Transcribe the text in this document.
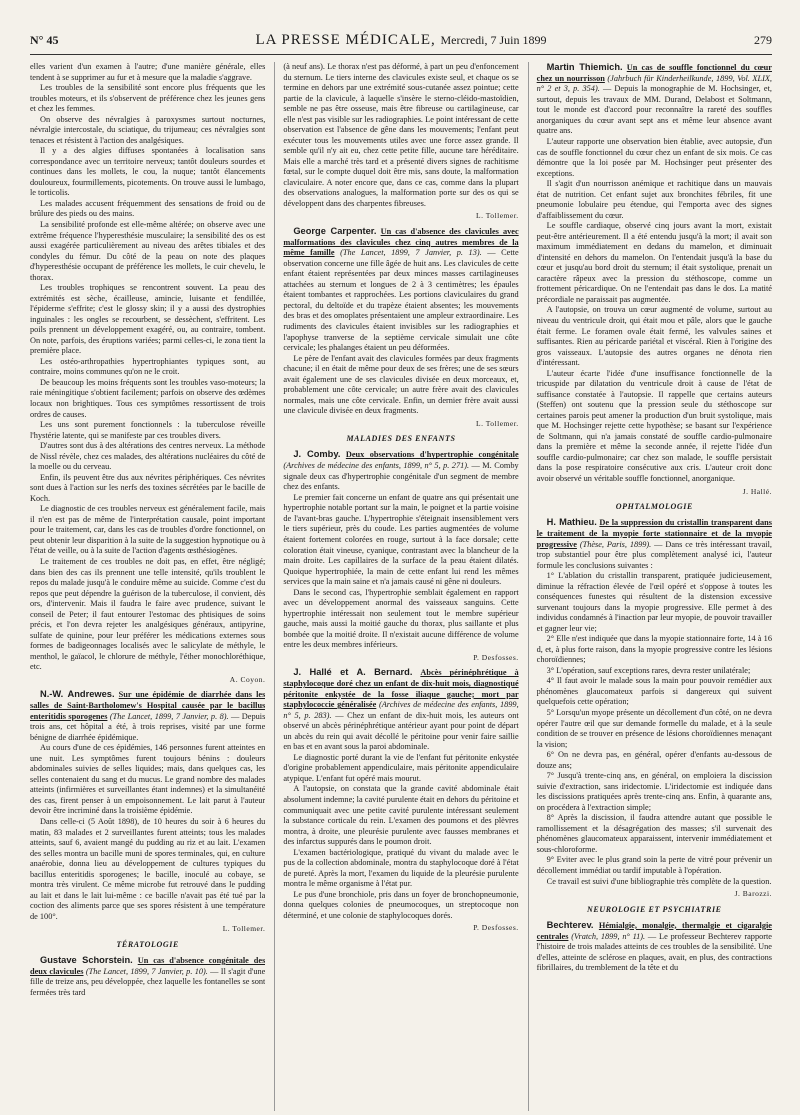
N° 45	LA PRESSE MÉDICALE, Mercredi, 7 Juin 1899	279

elles varient d'un examen à l'autre; d'une manière générale, elles tendent à se supprimer au fur et à mesure que la maladie s'aggrave.

Les troubles de la sensibilité sont encore plus fréquents que les troubles moteurs, et ils s'observent de préférence chez les jeunes gens et chez les femmes.

On observe des névralgies à paroxysmes surtout nocturnes, névralgie intercostale, du sciatique, du trijumeau; ces névralgies sont tenaces et résistent à l'action des analgésiques.

Il y a des algies diffuses spontanées à localisation sans correspondance avec un territoire nerveux; tantôt douleurs sourdes et continues dans les mollets, le cou, la nuque; tantôt élancements douloureux, fourmillements, picotements. On trouve aussi le lumbago, le torticolis.

Les malades accusent fréquemment des sensations de froid ou de brûlure des pieds ou des mains.

La sensibilité profonde est elle-même altérée; on observe avec une extrême fréquence l'hyperesthésie musculaire; la sensibilité des os est aussi exagérée particulièrement au niveau des arêtes tibiales et des condyles du fémur. Du côté de la peau on note des plaques d'hyperesthésie occupant de préférence les mollets, le cuir chevelu, le thorax.

Les troubles trophiques se rencontrent souvent. La peau des extrémités est sèche, écailleuse, amincie, luisante et fendillée, l'épiderme s'effrite; c'est le glossy skin; il y a aussi des dystrophies inguinales : les ongles se recourbent, se dessèchent, s'effritent. Les poils prennent un développement exagéré, ou, au contraire, tombent. On note, parfois, des éruptions variées; parmi celles-ci, le zona tient la première place.

Les ostéo-arthropathies hypertrophiantes typiques sont, au contraire, moins communes qu'on ne le croit.

De beaucoup les moins fréquents sont les troubles vaso-moteurs; la raie méningitique s'obtient facilement; parfois on observe des œdèmes locaux non brightiques. Tous ces symptômes ressortissent de trois ordres de causes.

Les uns sont purement fonctionnels : la tuberculose réveille l'hystérie latente, qui se manifeste par ces troubles divers.

D'autres sont dus à des altérations des centres nerveux. La méthode de Nissl révèle, chez ces malades, des altérations nucléaires du côté de la moelle ou du cerveau.

Enfin, ils peuvent être dus aux névrites périphériques. Ces névrites sont dues à l'action sur les nerfs des toxines sécrétées par le bacille de Koch.

Le diagnostic de ces troubles nerveux est généralement facile, mais il n'en est pas de même de l'interprétation causale, point important pour le traitement, car, dans les cas de troubles d'ordre fonctionnel, on peut obtenir leur disparition à la suite de la suggestion hypnotique ou à l'état de veille, ou à la suite de l'action d'agents œsthésiogènes.

Le traitement de ces troubles ne doit pas, en effet, être négligé; dans bien des cas ils prennent une telle intensité, qu'ils troublent le repos du malade jusqu'à le conduire même au suicide. Comme c'est du repos que peut dépendre la guérison de la tuberculose, il convient, dès ors, d'intervenir. Mais il faudra le faire avec prudence, suivant le conseil de Peter; il faut entourer l'estomac des phtisiques de soins précis, et l'on devra rejeter les analgésiques généraux, antipyrine, sulfate de quinine, pour leur préférer les médications externes sous formes de badigeonnages localisés avec le salicylate de méthyle, le menthol, le gaïacol, le chlorure de méthyle, l'éther monochloréthique, etc.

A. Coyon.

N.-W. Andrewes. Sur une épidémie de diarrhée dans les salles de Saint-Bartholomew's Hospital causée par le bacillus enteritidis sporogenes (The Lancet, 1899, 7 Janvier, p. 8). — Depuis trois ans, cet hôpital a été, à trois reprises, visité par une forme bénigne de diarrhée épidémique.

Au cours d'une de ces épidémies, 146 personnes furent atteintes en une nuit. Les symptômes furent toujours bénins : douleurs abdominales suivies de selles liquides; mais, dans quelques cas, les selles contenaient du sang et du mucus. Le grand nombre des malades atteints (infirmières et surveillantes étant indemnes) et la simultanéité des cas, firent penser à un empoisonnement. Le lait parut à l'auteur devoir être incriminé dans la troisième épidémie.

Dans celle-ci (5 Août 1898), de 10 heures du soir à 6 heures du matin, 83 malades et 2 surveillantes furent atteints; tous les malades atteints, sauf 6, avaient mangé du pudding au riz et au lait. L'examen des selles montra un bacille muni de spores terminales, qui, en culture anaérobie, donna lieu au développement de cultures typiques du bacillus enteritidis sporogenes; le bacille, inoculé au cobaye, se montra très virulent. Ce même microbe fut retrouvé dans le pudding au lait et dans le lait lui-même : ce bacille n'avait pas été tué par la coction des aliments parce que ses spores résistent à une température de 100°.

L. Tollemer.
TÉRATOLOGIE

Gustave Schorstein. Un cas d'absence congénitale des deux clavicules (The Lancet, 1899, 7 Janvier, p. 10). — Il s'agit d'une fille de treize ans, peu développée, chez laquelle les fontanelles se sont fermées très tard

(à neuf ans). Le thorax n'est pas déformé, à part un peu d'enfoncement du sternum. Le tiers interne des clavicules existe seul, et chaque os se termine en dehors par une extrémité sous-cutanée assez pointue; cette partie de la clavicule, à laquelle s'insère le sterno-cléido-mastoïdien, semble ne pas être osseuse, mais être fibreuse ou cartilagineuse, car elle n'est pas visible sur les radiographies. Le point intéressant de cette observation est l'absence de gêne dans les mouvements; l'enfant peut exécuter tous les mouvements utiles avec une force assez grande. Il semble qu'il n'y ait eu, chez cette petite fille, aucune tare héréditaire. Mais elle a marché très tard et a présenté divers signes de rachitisme fœtal, sur le compte duquel doit être mis, sans doute, la malformation claviculaire. A noter encore que, dans ce cas, comme dans la plupart des observations analogues, la malformation porte sur des os qui se développent dans des charpentes fibreuses.

L. Tollemer.

George Carpenter. Un cas d'absence des clavicules avec malformations des clavicules chez cinq autres membres de la même famille (The Lancet, 1899, 7 Janvier, p. 13). — Cette observation concerne une fille âgée de huit ans. Les clavicules de cette enfant étaient représentées par deux minces masses cartilagineuses attachées au sternum et longues de 2 à 3 centimètres; les épaules étaient tombantes et rapprochées. Les portions claviculaires du grand pectoral, du deltoïde et du trapèze étaient absentes; les mouvements des bras et des omoplates présentaient une ampleur extraordinaire. Les rudiments des clavicules étaient invisibles sur les radiographies et l'apophyse tranverse de la septième cervicale simulait une côte cervicale; les phalanges étaient un peu déformées.

Le père de l'enfant avait des clavicules formées par deux fragments chacune; il en était de même pour deux de ses frères; une de ses sœurs avait également une de ses clavicules divisée en deux morceaux, et, probablement une côte cervicale; un autre frère avait des clavicules normales, mais une côte cervicale. Enfin, un dernier frère avait aussi une clavicule divisée en deux fragments.

L. Tollemer.
MALADIES DES ENFANTS

J. Comby. Deux observations d'hypertrophie congénitale (Archives de médecine des enfants, 1899, n° 5, p. 271). — M. Comby signale deux cas d'hypertrophie congénitale d'un segment de membre chez des enfants.

Le premier fait concerne un enfant de quatre ans qui présentait une hypertrophie notable portant sur la main, le poignet et la partie voisine de l'avant-bras gauche. L'hypertrophie s'éteignait insensiblement vers le tiers supérieur, près du coude. Les parties augmentées de volume étaient fortement colorées en rouge, surtout à la face dorsale; cette coloration était vineuse, cyanique, contrastant avec la blancheur de la main droite. Les capillaires de la surface de la peau étaient dilatés. Quoique hypertrophiée, la main de cette enfant lui rend les mêmes services que la main saine et n'a jamais causé ni gêne ni douleurs.

Dans le second cas, l'hypertrophie semblait également en rapport avec un développement anormal des vaisseaux sanguins. Cette hypertrophie intéressait non seulement tout le membre supérieur gauche, mais aussi la moitié gauche du thorax, plus saillante et plus bombée que la moitié droite. Il n'existait aucune différence de volume entre les deux membres inférieurs.

P. Desfosses.

J. Hallé et A. Bernard. Abcès périnéphrétique à staphylocoque doré chez un enfant de dix-huit mois, diagnostiqué péritonite enkystée de la fosse iliaque gauche; mort par staphylococcie généralisée (Archives de médecine des enfants, 1899, n° 5, p. 283). — Chez un enfant de dix-huit mois, les auteurs ont observé un abcès périnéphrétique antérieur ayant pour point de départ un abcès du rein qui avait décollé le péritoine pour venir faire saillie en bas et en avant sous la paroi abdominale.

Le diagnostic porté durant la vie de l'enfant fut péritonite enkystée d'origine probablement appendiculaire, mais péritonite appendiculaire atypique. L'enfant fut opéré mais mourut.

A l'autopsie, on constata que la grande cavité abdominale était absolument indemne; la cavité purulente était en dehors du péritoine et communiquait avec une petite cavité purulente intéressant seulement la substance corticale du rein. L'examen des poumons et des plèvres montra, à droite, une pleurésie purulente avec fausses membranes et des infarctus suppurés dans le poumon droit.

L'examen bactériologique, pratiqué du vivant du malade avec le pus de la collection abdominale, montra du staphylocoque doré à l'état de pureté. Après la mort, l'examen du liquide de la pleurésie purulente montra le même organisme à l'état pur.

Le pus d'une bronchiole, pris dans un foyer de bronchopneumonie, donna quelques colonies de pneumocoques, un streptocoque non déterminé, et une colonie de staphylocoques dorés.

P. Desfosses.

Martin Thiemich. Un cas de souffle fonctionnel du cœur chez un nourrisson (Jahrbuch für Kinderheilkunde, 1899, Vol. XLIX, n° 2 et 3, p. 354). — Depuis la monographie de M. Hochsinger, et, surtout, depuis les travaux de MM. Durand, Delabost et Soltmann, tout le monde est d'accord pour reconnaître la rareté des souffles anorganiques du cœur avant sept ans et même leur absence avant quatre ans.

L'auteur rapporte une observation bien établie, avec autopsie, d'un cas de souffle fonctionnel du cœur chez un enfant de six mois. Ce cas démontre que la loi posée par M. Hochsinger peut présenter des exceptions.

Il s'agit d'un nourrisson anémique et rachitique dans un mauvais état de nutrition. Cet enfant sujet aux bronchites fébriles, fit une pneumonie lobulaire peu étendue, qui l'emporta avec des signes d'affaiblissement du cœur.

Le souffle cardiaque, observé cinq jours avant la mort, existait peut-être antérieurement. Il a été entendu jusqu'à la mort; il avait son maximum immédiatement en dedans du mamelon, et diminuait d'intensité en dehors du mamelon. On l'entendait jusqu'à la base du cœur et jusqu'au bord droit du sternum; il était systolique, prenait un caractère râpeux avec la pression du stéthoscope, comme un frottement péricardique. On ne l'entendait pas dans le dos. La matité précordiale ne paraissait pas augmentée.

A l'autopsie, on trouva un cœur augmenté de volume, surtout au niveau du ventricule droit, qui était mou et pâle, alors que le gauche était ferme. Le foramen ovale était fermé, les valvules saines et suffisantes. Rien au péricarde pariétal et viscéral. Rien à l'origine des gros vaisseaux. L'autopsie des autres organes ne dénota rien d'intéressant.

L'auteur écarte l'idée d'une insuffisance fonctionnelle de la tricuspide par dilatation du ventricule droit à cause de l'état de suffisance constatée à l'autopsie. Il rappelle que certains auteurs (Steffen) ont soutenu que la pression seule du stéthoscope sur certaines parois peut amener la production d'un bruit systolique, mais que M. Hochsinger rejette cette hypothèse; se basant sur l'expérience de Soltmann, qui n'a jamais constaté de souffle cardio-pulmonaire dans la première et même la seconde année, il rejette l'idée d'un souffle cardio-pulmonaire; car chez son malade, le souffle persistait dans la pose respiratoire consécutive aux cris. L'auteur croit donc avoir observé un véritable souffle fonctionnel, anorganique.

J. Hallé.
OPHTALMOLOGIE

H. Mathieu. De la suppression du cristallin transparent dans le traitement de la myopie forte stationnaire et de la myopie progressive (Thèse, Paris, 1899). — Dans ce très intéressant travail, trop substantiel pour être plus complètement analysé ici, l'auteur formule les conclusions suivantes :

1° L'ablation du cristallin transparent, pratiquée judicieusement, diminue la réfraction élevée de l'œil opéré et s'oppose à toutes les conséquences funestes qui résultent de la distension excessive survenant toujours dans la myopie progressive. Elle permet à des individus condamnés à l'inaction par leur myopie, de pouvoir travailler et gagner leur vie;

2° Elle n'est indiquée que dans la myopie stationnaire forte, 14 à 16 d, et, à plus forte raison, dans la myopie progressive contre les lésions choroïdiennes;

3° L'opération, sauf exceptions rares, devra rester unilatérale;

4° Il faut avoir le malade sous la main pour pouvoir remédier aux phénomènes glaucomateux parfois si dangereux qui suivent quelquefois cette opération;

5° Lorsqu'un myope présente un décollement d'un côté, on ne devra opérer l'autre œil que sur demande formelle du malade, et à la seule condition de se trouver en présence de lésions choroïdiennes menaçant la vision;

6° On ne devra pas, en général, opérer d'enfants au-dessous de douze ans;

7° Jusqu'à trente-cinq ans, en général, on emploiera la discission suivie d'extraction, sans iridectomie. L'iridectomie est indiquée dans les discissions pratiquées après trente-cinq ans. Enfin, à quarante ans, on procédera à l'extraction simple;

8° Après la discission, il faudra attendre autant que possible le ramollissement et la désagrégation des masses; s'il survenait des phénomènes glaucomateux apparaissent, intervenir immédiatement et sous-chloroforme.

9° Eviter avec le plus grand soin la perte de vitré pour prévenir un décollement immédiat ou tardif imputable à l'opération.

Ce travail est suivi d'une bibliographie très complète de la question.

J. Barozzi.
NEUROLOGIE ET PSYCHIATRIE

Bechterev. Hémialgie, monalgie, thermalgie et cigaralgie centrales (Vratch, 1899, n° 11). — Le professeur Bechterev rapporte l'histoire de trois malades atteints de ces troubles de la sensibilité. Une d'elles, atteinte de sclérose en plaques, avait, en plus, des contractions fibrillaires, du tremblement de la tête et du
